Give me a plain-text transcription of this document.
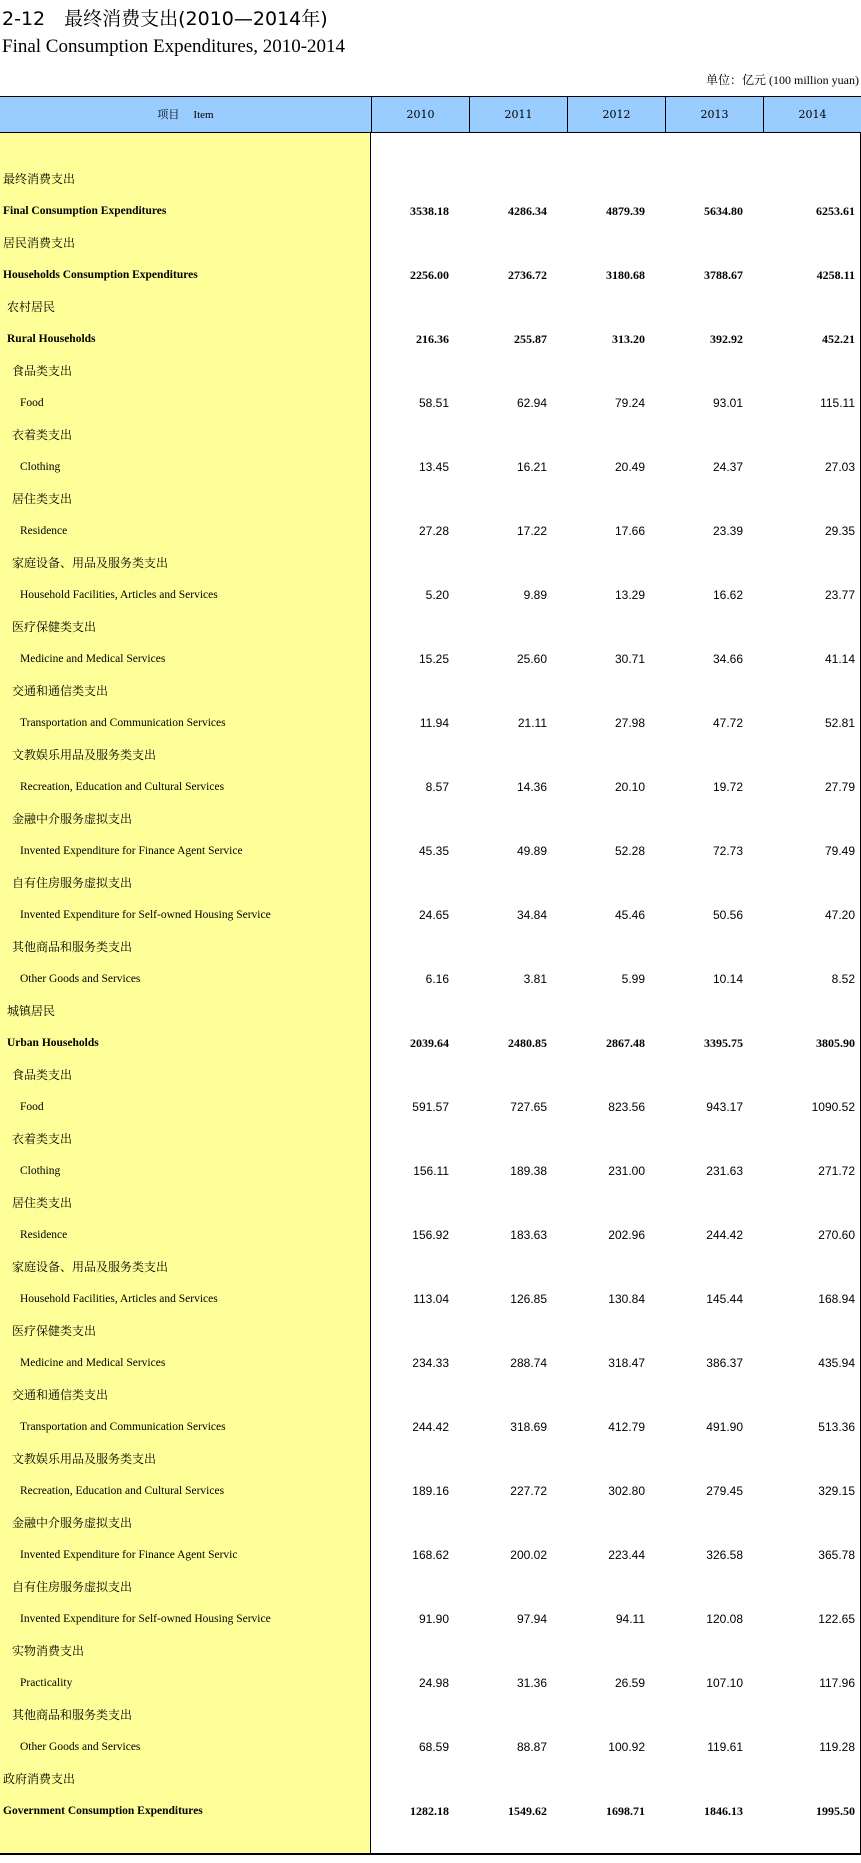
2-12　最终消费支出(2010—2014年)
Final Consumption Expenditures, 2010-2014
单位：亿元 (100 million yuan)
项目 Item	2010	2011	2012	2013	2014
最终消费支出
Final Consumption Expenditures	3538.18	4286.34	4879.39	5634.80	6253.61
居民消费支出
Households Consumption Expenditures	2256.00	2736.72	3180.68	3788.67	4258.11
农村居民
Rural Households	216.36	255.87	313.20	392.92	452.21
食品类支出
Food	58.51	62.94	79.24	93.01	115.11
衣着类支出
Clothing	13.45	16.21	20.49	24.37	27.03
居住类支出
Residence	27.28	17.22	17.66	23.39	29.35
家庭设备、用品及服务类支出
Household Facilities, Articles and Services	5.20	9.89	13.29	16.62	23.77
医疗保健类支出
Medicine and Medical Services	15.25	25.60	30.71	34.66	41.14
交通和通信类支出
Transportation and Communication Services	11.94	21.11	27.98	47.72	52.81
文教娱乐用品及服务类支出
Recreation, Education and Cultural Services	8.57	14.36	20.10	19.72	27.79
金融中介服务虚拟支出
Invented Expenditure for Finance Agent Service	45.35	49.89	52.28	72.73	79.49
自有住房服务虚拟支出
Invented Expenditure for Self-owned Housing Service	24.65	34.84	45.46	50.56	47.20
其他商品和服务类支出
Other Goods and Services	6.16	3.81	5.99	10.14	8.52
城镇居民
Urban Households	2039.64	2480.85	2867.48	3395.75	3805.90
食品类支出
Food	591.57	727.65	823.56	943.17	1090.52
衣着类支出
Clothing	156.11	189.38	231.00	231.63	271.72
居住类支出
Residence	156.92	183.63	202.96	244.42	270.60
家庭设备、用品及服务类支出
Household Facilities, Articles and Services	113.04	126.85	130.84	145.44	168.94
医疗保健类支出
Medicine and Medical Services	234.33	288.74	318.47	386.37	435.94
交通和通信类支出
Transportation and Communication Services	244.42	318.69	412.79	491.90	513.36
文教娱乐用品及服务类支出
Recreation, Education and Cultural Services	189.16	227.72	302.80	279.45	329.15
金融中介服务虚拟支出
Invented Expenditure for Finance Agent Servic	168.62	200.02	223.44	326.58	365.78
自有住房服务虚拟支出
Invented Expenditure for Self-owned Housing Service	91.90	97.94	94.11	120.08	122.65
实物消费支出
Practicality	24.98	31.36	26.59	107.10	117.96
其他商品和服务类支出
Other Goods and Services	68.59	88.87	100.92	119.61	119.28
政府消费支出
Government Consumption Expenditures	1282.18	1549.62	1698.71	1846.13	1995.50
